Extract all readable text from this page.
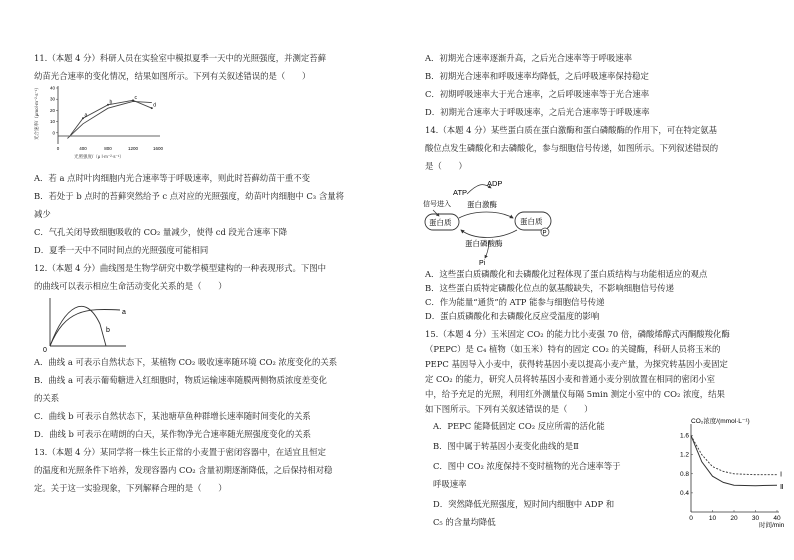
11.（本题 4 分）科研人员在实验室中模拟夏季一天中的光照强度，并测定苔藓
幼苗光合速率的变化情况，结果如图所示。下列有关叙述错误的是（　　）
光合速率/（μmol·m⁻²·s⁻¹）
光照强度/（μ l·m⁻²·s⁻¹）
0
10
20
30
40
0	400	800	1200	1600
a
b
c
d
A．若 a 点时叶肉细胞内光合速率等于呼吸速率，则此时苔藓幼苗干重不变
B．若处于 b 点时的苔藓突然给予 c 点对应的光照强度，幼苗叶肉细胞中 C₃ 含量将
减少
C．气孔关闭导致细胞吸收的 CO₂ 量减少，使得 cd 段光合速率下降
D．夏季一天中不同时间点的光照强度可能相同
12.（本题 4 分）曲线图是生物学研究中数学模型建构的一种表现形式。下图中
的曲线可以表示相应生命活动变化关系的是（　　）
a
b
0
A．曲线 a 可表示自然状态下，某植物 CO₂ 吸收速率随环境 CO₂ 浓度变化的关系
B．曲线 a 可表示葡萄糖进入红细胞时，物质运输速率随膜两侧物质浓度差变化
的关系
C．曲线 b 可表示自然状态下，某池塘草鱼种群增长速率随时间变化的关系
D．曲线 b 可表示在晴朗的白天，某作物净光合速率随光照强度变化的关系
13.（本题 4 分）某同学将一株生长正常的小麦置于密闭容器中，在适宜且恒定
的温度和光照条件下培养，发现容器内 CO₂ 含量初期逐渐降低，之后保持相对稳
定。关于这一实验现象，下列解释合理的是（　　）
A．初期光合速率逐渐升高，之后光合速率等于呼吸速率
B．初期光合速率和呼吸速率均降低，之后呼吸速率保持稳定
C．初期呼吸速率大于光合速率，之后呼吸速率等于光合速率
D．初期光合速率大于呼吸速率，之后光合速率等于呼吸速率
14.（本题 4 分）某些蛋白质在蛋白激酶和蛋白磷酸酶的作用下，可在特定氨基
酸位点发生磷酸化和去磷酸化，参与细胞信号传递，如图所示。下列叙述错误的
是（　　）
ADP
ATP
信号进入 蛋白激酶
蛋白质	蛋白质
P
蛋白磷酸酶
Pi
A．这些蛋白质磷酸化和去磷酸化过程体现了蛋白质结构与功能相适应的观点
B．这些蛋白质特定磷酸化位点的氨基酸缺失，不影响细胞信号传递
C．作为能量“通货”的 ATP 能参与细胞信号传递
D．蛋白质磷酸化和去磷酸化反应受温度的影响
15.（本题 4 分）玉米固定 CO₂ 的能力比小麦强 70 倍，磷酸烯醇式丙酮酸羧化酶
（PEPC）是 C₄ 植物（如玉米）特有的固定 CO₂ 的关键酶，科研人员将玉米的
PEPC 基因导入小麦中，获得转基因小麦以提高小麦产量，为探究转基因小麦固定
定 CO₂ 的能力，研究人员将转基因小麦和普通小麦分别放置在相同的密闭小室
中，给予充足的光照，利用红外测量仪每隔 5min 测定小室中的 CO₂ 浓度，结果
如下图所示。下列有关叙述错误的是（　　）
A．PEPC 能降低固定 CO₂ 反应所需的活化能
B．图中属于转基因小麦变化曲线的是Ⅱ
C．图中 CO₂ 浓度保持不变时植物的光合速率等于
呼吸速率
D．突然降低光照强度，短时间内细胞中 ADP 和
C₅ 的含量均降低
CO₂浓度/(mmol·L⁻¹)
时间/min
0.4
0.8
1.2
1.6
0 10 20 30 40
Ⅰ
Ⅱ
